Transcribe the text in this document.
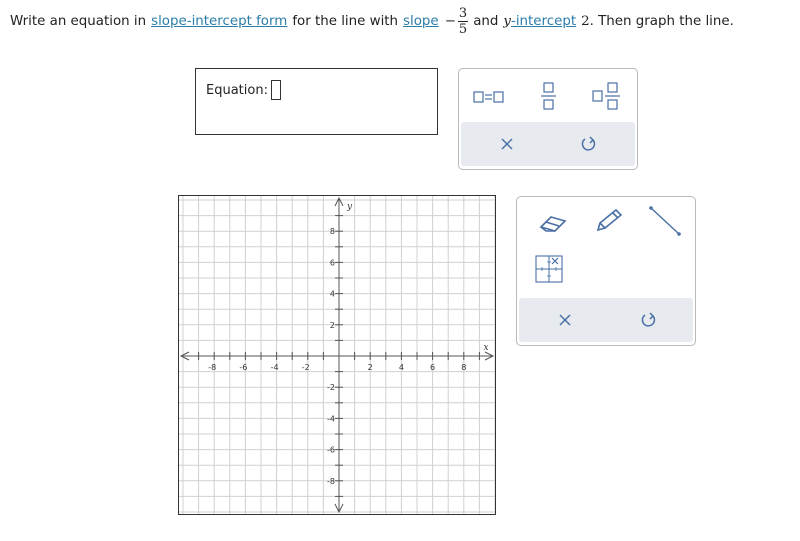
Write an equation in slope-intercept form for the line with slope − $\frac{3}{5}$ and y -intercept 2 . Then graph the line.
Equation:
-8	-6	-4	-2	2	4	6	8
8
6
4
2
-2
-4
-6
-8
x
y
